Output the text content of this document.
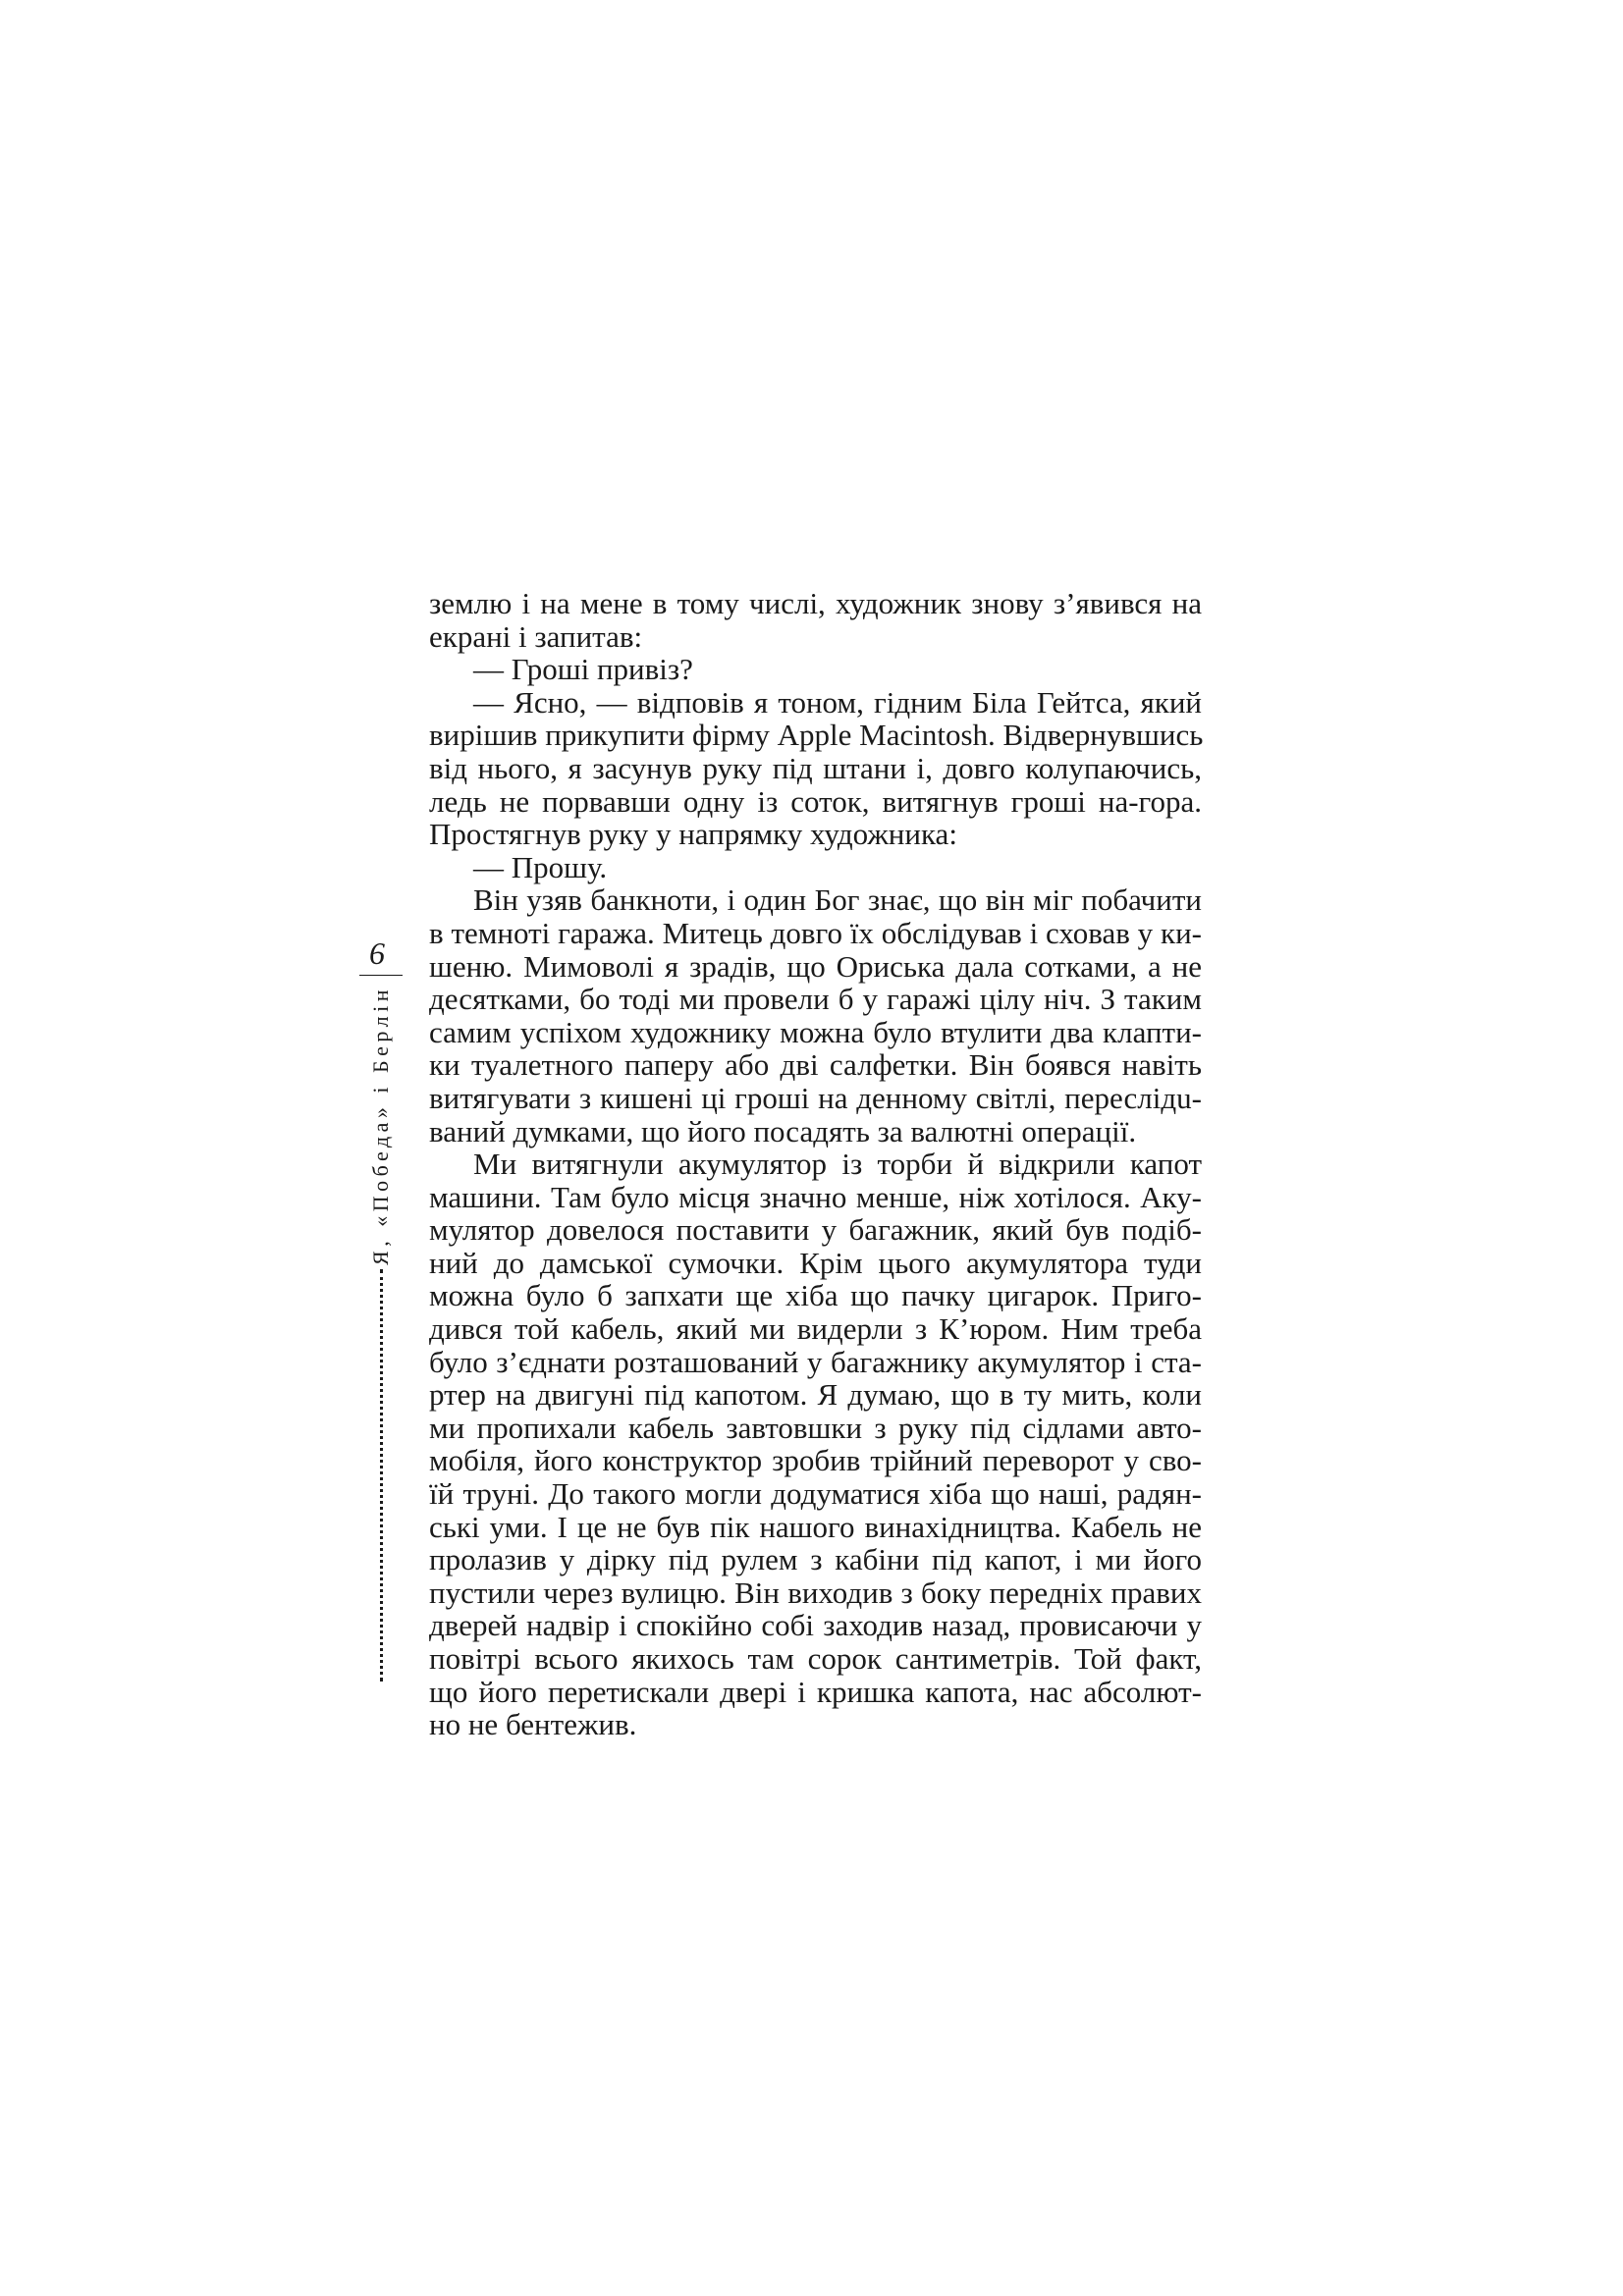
6
Я, «Победа» і Берлін
землю і на мене в тому числі, художник знову з’явився на
екрані і запитав:
— Гроші привіз?
— Ясно, — відповів я тоном, гідним Біла Гейтса, який
вирішив прикупити фірму Apple Macintosh. Відвернувшись
від нього, я засунув руку під штани і, довго колупаючись,
ледь не порвавши одну із соток, витягнув гроші на-гора.
Простягнув руку у напрямку художника:
— Прошу.
Він узяв банкноти, і один Бог знає, що він міг побачити
в темноті гаража. Митець довго їх обслідував і сховав у ки-
шеню. Мимоволі я зрадів, що Ориська дала сотками, а не
десятками, бо тоді ми провели б у гаражі цілу ніч. З таким
самим успіхом художнику можна було втулити два клапти-
ки туалетного паперу або дві салфетки. Він боявся навіть
витягувати з кишені ці гроші на денному світлі, переслідu-
ваний думками, що його посадять за валютні операції.
Ми витягнули акумулятор із торби й відкрили капот
машини. Там було місця значно менше, ніж хотілося. Аку-
мулятор довелося поставити у багажник, який був подіб-
ний до дамської сумочки. Крім цього акумулятора туди
можна було б запхати ще хіба що пачку цигарок. Приго-
дився той кабель, який ми видерли з К’юром. Ним треба
було з’єднати розташований у багажнику акумулятор і ста-
ртер на двигуні під капотом. Я думаю, що в ту мить, коли
ми пропихали кабель завтовшки з руку під сідлами авто-
мобіля, його конструктор зробив трійний переворот у сво-
їй труні. До такого могли додуматися хіба що наші, радян-
ські уми. І це не був пік нашого винахідництва. Кабель не
пролазив у дірку під рулем з кабіни під капот, і ми його
пустили через вулицю. Він виходив з боку передніх правих
дверей надвір і спокійно собі заходив назад, провисаючи у
повітрі всього якихось там сорок сантиметрів. Той факт,
що його перетискали двері і кришка капота, нас абсолют-
но не бентежив.
